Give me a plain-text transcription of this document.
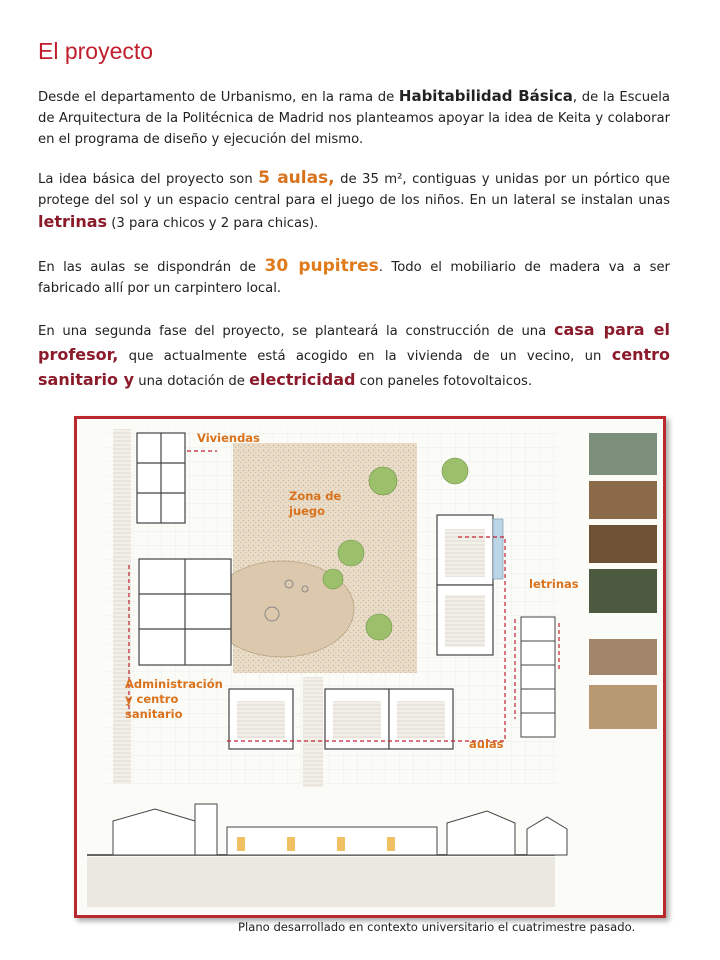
El proyecto
Desde el departamento de Urbanismo, en la rama de Habitabilidad Básica, de la Escuela de Arquitectura de la Politécnica de Madrid nos planteamos apoyar la idea de Keita y colaborar en el programa de diseño y ejecución del mismo.
La idea básica del proyecto son 5 aulas, de 35 m², contiguas y unidas por un pórtico que protege del sol y un espacio central para el juego de los niños. En un lateral se instalan unas letrinas (3 para chicos y 2 para chicas).
En las aulas se dispondrán de 30 pupitres. Todo el mobiliario de madera va a ser fabricado allí por un carpintero local.
En una segunda fase del proyecto, se planteará la construcción de una casa para el profesor, que actualmente está acogido en la vivienda de un vecino, un centro sanitario y una dotación de electricidad con paneles fotovoltaicos.
Viviendas
Zona de juego
letrinas
Administración y centro sanitario
aulas
Plano desarrollado en contexto universitario el cuatrimestre pasado.
